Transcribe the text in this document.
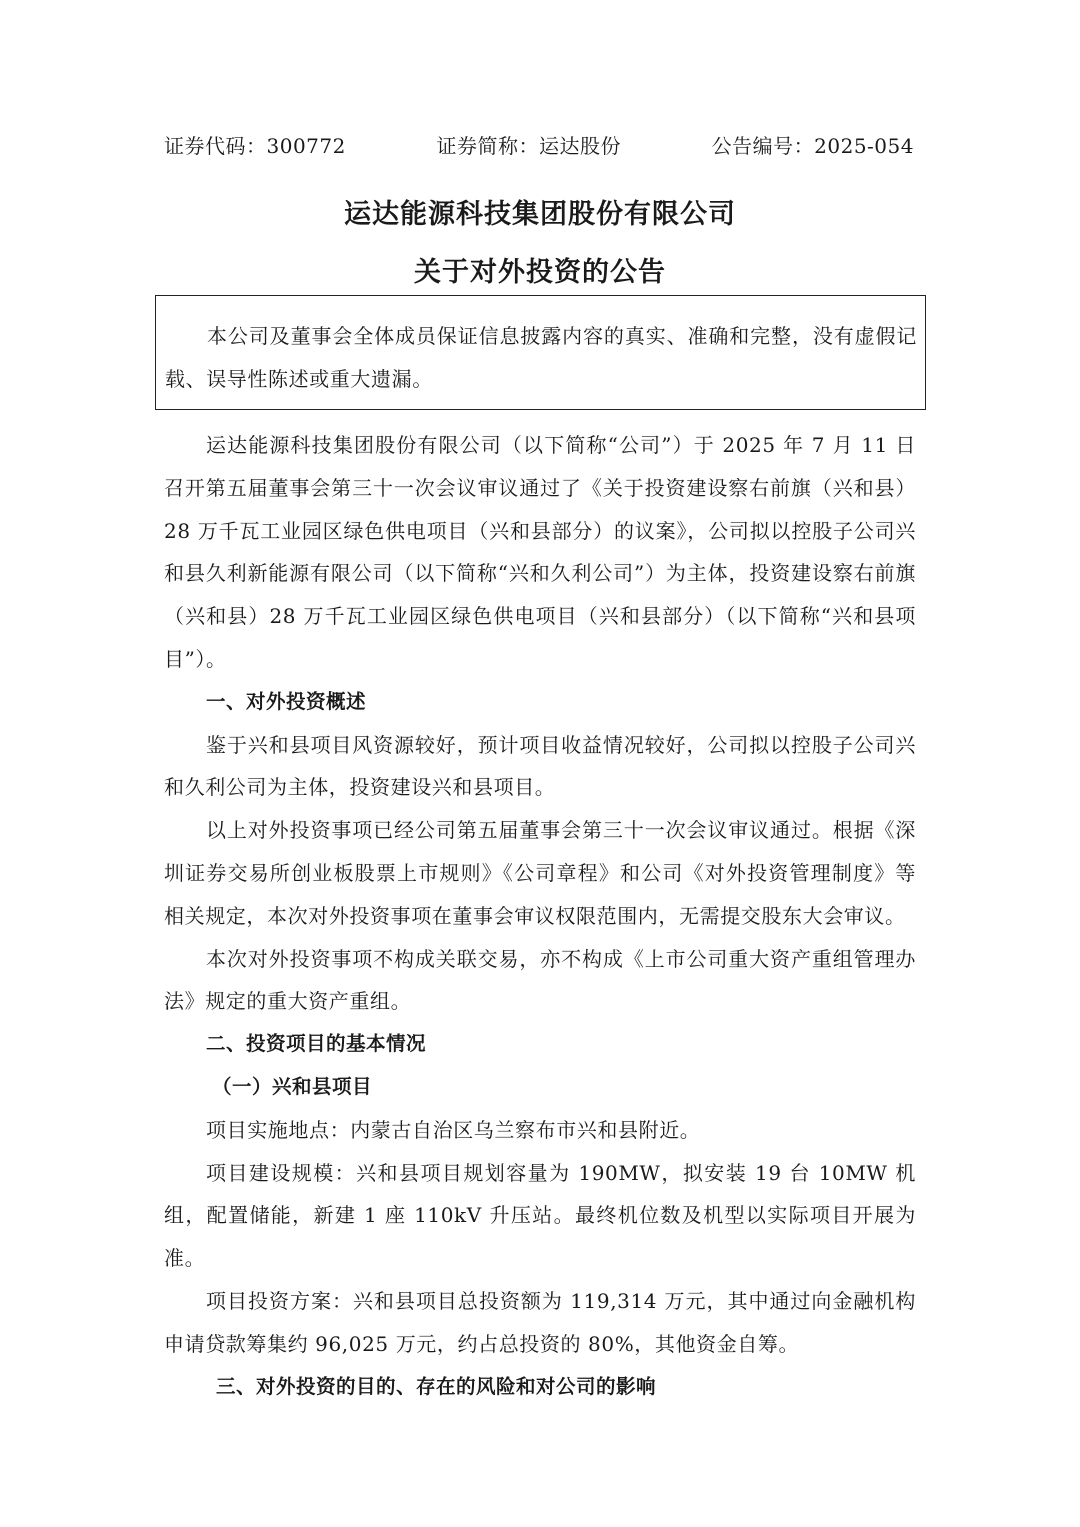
证券代码：300772	证券简称：运达股份	公告编号：2025-054
运达能源科技集团股份有限公司
关于对外投资的公告
本公司及董事会全体成员保证信息披露内容的真实、准确和完整，没有虚假记载、误导性陈述或重大遗漏。

运达能源科技集团股份有限公司（以下简称“公司”）于 2025 年 7 月 11 日召开第五届董事会第三十一次会议审议通过了《关于投资建设察右前旗（兴和县）28 万千瓦工业园区绿色供电项目（兴和县部分）的议案》，公司拟以控股子公司兴和县久利新能源有限公司（以下简称“兴和久利公司”）为主体，投资建设察右前旗（兴和县）28 万千瓦工业园区绿色供电项目（兴和县部分）（以下简称“兴和县项目”）。

一、对外投资概述

鉴于兴和县项目风资源较好，预计项目收益情况较好，公司拟以控股子公司兴和久利公司为主体，投资建设兴和县项目。

以上对外投资事项已经公司第五届董事会第三十一次会议审议通过。根据《深圳证券交易所创业板股票上市规则》《公司章程》和公司《对外投资管理制度》等相关规定，本次对外投资事项在董事会审议权限范围内，无需提交股东大会审议。

本次对外投资事项不构成关联交易，亦不构成《上市公司重大资产重组管理办法》规定的重大资产重组。

二、投资项目的基本情况

（一）兴和县项目

项目实施地点：内蒙古自治区乌兰察布市兴和县附近。

项目建设规模：兴和县项目规划容量为 190MW，拟安装 19 台 10MW 机组，配置储能，新建 1 座 110kV 升压站。最终机位数及机型以实际项目开展为准。

项目投资方案：兴和县项目总投资额为 119,314 万元，其中通过向金融机构申请贷款筹集约 96,025 万元，约占总投资的 80%，其他资金自筹。

三、对外投资的目的、存在的风险和对公司的影响
